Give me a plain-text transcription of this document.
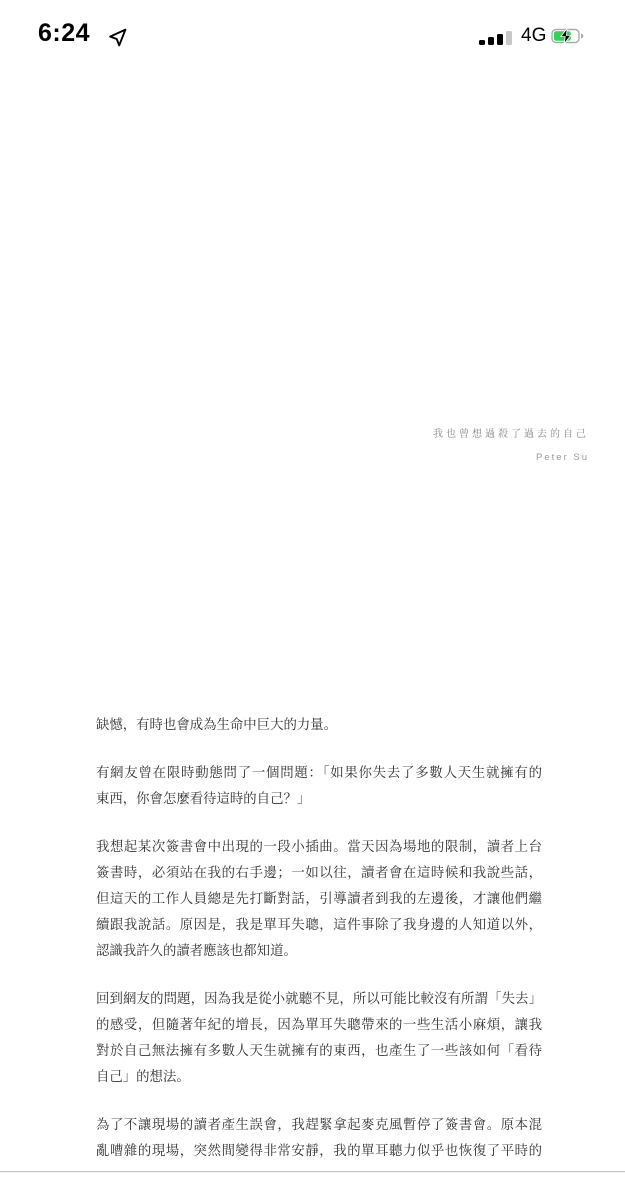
6:24	4G
我也曾想過殺了過去的自己
Peter Su
缺憾，有時也會成為生命中巨大的力量。
有網友曾在限時動態問了一個問題：「如果你失去了多數人天生就擁有的
東西，你會怎麼看待這時的自己？」
我想起某次簽書會中出現的一段小插曲。當天因為場地的限制，讀者上台
簽書時，必須站在我的右手邊；一如以往，讀者會在這時候和我說些話，
但這天的工作人員總是先打斷對話，引導讀者到我的左邊後，才讓他們繼
續跟我說話。原因是，我是單耳失聰，這件事除了我身邊的人知道以外，
認識我許久的讀者應該也都知道。
回到網友的問題，因為我是從小就聽不見，所以可能比較沒有所謂「失去」
的感受，但隨著年紀的增長，因為單耳失聰帶來的一些生活小麻煩，讓我
對於自己無法擁有多數人天生就擁有的東西，也產生了一些該如何「看待
自己」的想法。
為了不讓現場的讀者產生誤會，我趕緊拿起麥克風暫停了簽書會。原本混
亂嘈雜的現場，突然間變得非常安靜，我的單耳聽力似乎也恢復了平時的
